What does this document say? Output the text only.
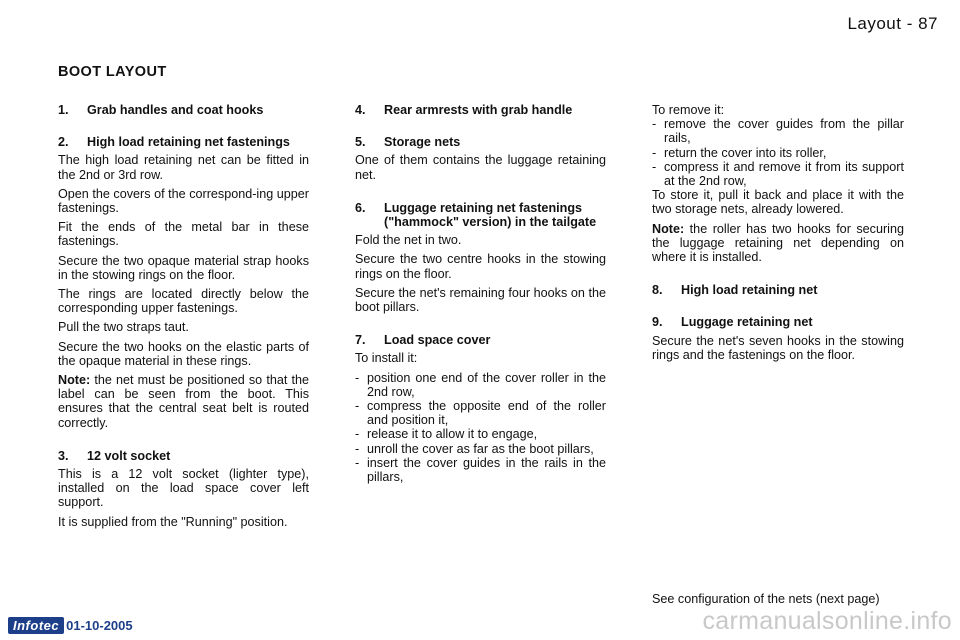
Layout - 87
BOOT LAYOUT
1.	Grab handles and coat hooks
2.	High load retaining net fastenings
The high load retaining net can be fitted in the 2nd or 3rd row.
Open the covers of the correspond-ing upper fastenings.
Fit the ends of the metal bar in these fastenings.
Secure the two opaque material strap hooks in the stowing rings on the floor.
The rings are located directly below the corresponding upper fastenings.
Pull the two straps taut.
Secure the two hooks on the elastic parts of the opaque material in these rings.
Note: the net must be positioned so that the label can be seen from the boot. This ensures that the central seat belt is routed correctly.
3.	12 volt socket
This is a 12 volt socket (lighter type), installed on the load space cover left support.
It is supplied from the "Running" position.
4.	Rear armrests with grab handle
5.	Storage nets
One of them contains the luggage retaining net.
6.	Luggage retaining net fastenings ("hammock" version) in the tailgate
Fold the net in two.
Secure the two centre hooks in the stowing rings on the floor.
Secure the net's remaining four hooks on the boot pillars.
7.	Load space cover
To install it:
- position one end of the cover roller in the 2nd row,
- compress the opposite end of the roller and position it,
- release it to allow it to engage,
- unroll the cover as far as the boot pillars,
- insert the cover guides in the rails in the pillars,
To remove it:
- remove the cover guides from the pillar rails,
- return the cover into its roller,
- compress it and remove it from its support at the 2nd row,
To store it, pull it back and place it with the two storage nets, already lowered.
Note: the roller has two hooks for securing the luggage retaining net depending on where it is installed.
8.	High load retaining net
9.	Luggage retaining net
Secure the net's seven hooks in the stowing rings and the fastenings on the floor.
See configuration of the nets (next page)
Infotec 01-10-2005	carmanualsonline.info
